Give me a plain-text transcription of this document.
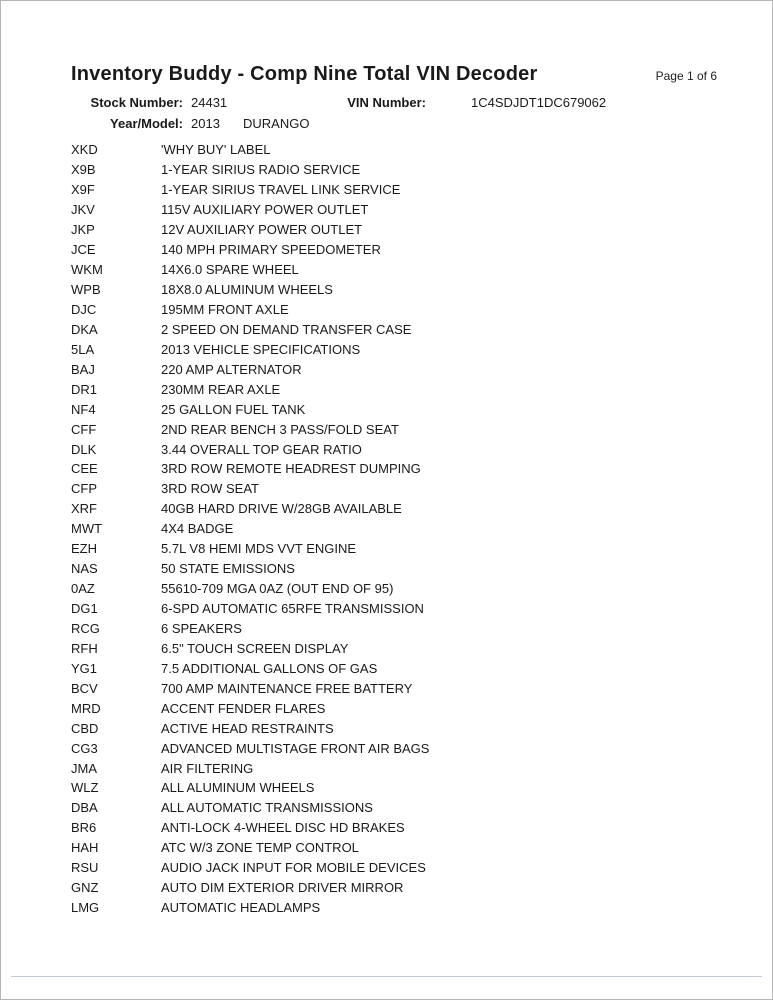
Inventory Buddy - Comp Nine Total VIN Decoder	Page 1 of 6
Stock Number: 24431	VIN Number:	1C4SDJDT1DC679062
Year/Model: 2013 DURANGO
XKD	'WHY BUY' LABEL
X9B	1-YEAR SIRIUS RADIO SERVICE
X9F	1-YEAR SIRIUS TRAVEL LINK SERVICE
JKV	115V AUXILIARY POWER OUTLET
JKP	12V AUXILIARY POWER OUTLET
JCE	140 MPH PRIMARY SPEEDOMETER
WKM	14X6.0 SPARE WHEEL
WPB	18X8.0 ALUMINUM WHEELS
DJC	195MM FRONT AXLE
DKA	2 SPEED ON DEMAND TRANSFER CASE
5LA	2013 VEHICLE SPECIFICATIONS
BAJ	220 AMP ALTERNATOR
DR1	230MM REAR AXLE
NF4	25 GALLON FUEL TANK
CFF	2ND REAR BENCH 3 PASS/FOLD SEAT
DLK	3.44 OVERALL TOP GEAR RATIO
CEE	3RD ROW REMOTE HEADREST DUMPING
CFP	3RD ROW SEAT
XRF	40GB HARD DRIVE W/28GB AVAILABLE
MWT	4X4 BADGE
EZH	5.7L V8 HEMI MDS VVT ENGINE
NAS	50 STATE EMISSIONS
0AZ	55610-709 MGA 0AZ (OUT END OF 95)
DG1	6-SPD AUTOMATIC 65RFE TRANSMISSION
RCG	6 SPEAKERS
RFH	6.5" TOUCH SCREEN DISPLAY
YG1	7.5 ADDITIONAL GALLONS OF GAS
BCV	700 AMP MAINTENANCE FREE BATTERY
MRD	ACCENT FENDER FLARES
CBD	ACTIVE HEAD RESTRAINTS
CG3	ADVANCED MULTISTAGE FRONT AIR BAGS
JMA	AIR FILTERING
WLZ	ALL ALUMINUM WHEELS
DBA	ALL AUTOMATIC TRANSMISSIONS
BR6	ANTI-LOCK 4-WHEEL DISC HD BRAKES
HAH	ATC W/3 ZONE TEMP CONTROL
RSU	AUDIO JACK INPUT FOR MOBILE DEVICES
GNZ	AUTO DIM EXTERIOR DRIVER MIRROR
LMG	AUTOMATIC HEADLAMPS
